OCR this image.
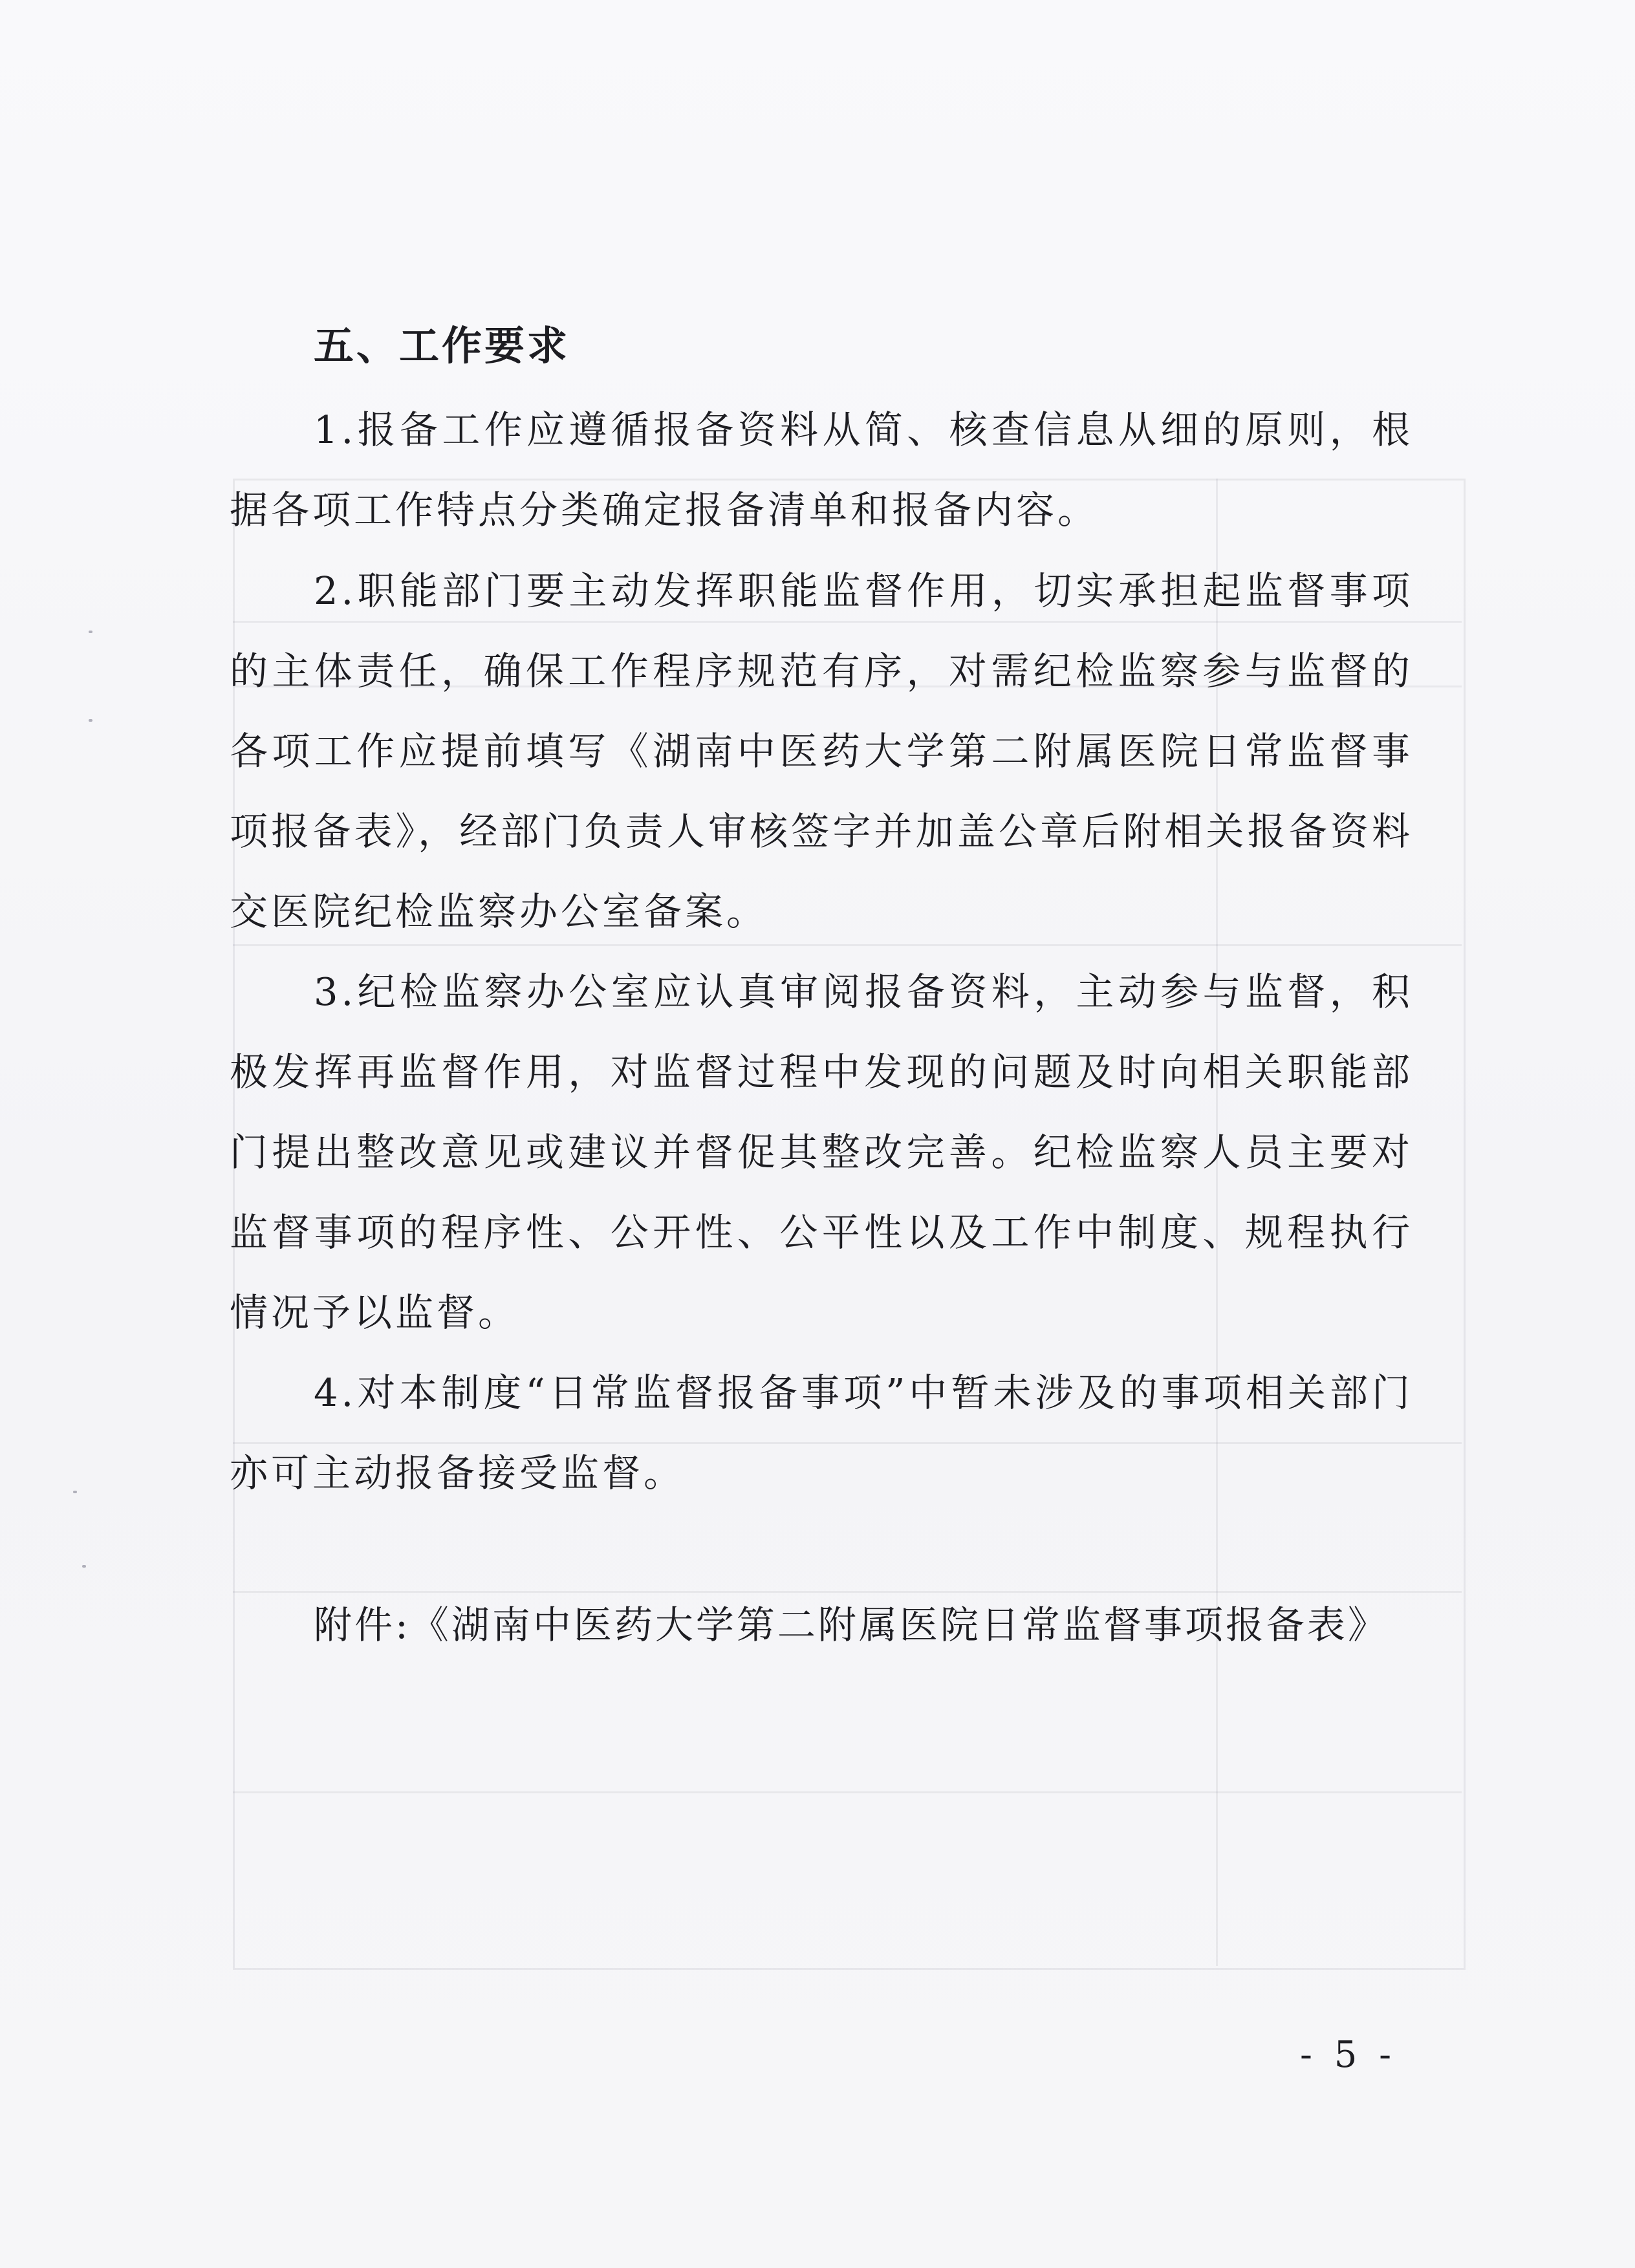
五、工作要求

1.报备工作应遵循报备资料从简、核查信息从细的原则，根据各项工作特点分类确定报备清单和报备内容。

2.职能部门要主动发挥职能监督作用，切实承担起监督事项的主体责任，确保工作程序规范有序，对需纪检监察参与监督的各项工作应提前填写《湖南中医药大学第二附属医院日常监督事项报备表》，经部门负责人审核签字并加盖公章后附相关报备资料交医院纪检监察办公室备案。

3.纪检监察办公室应认真审阅报备资料，主动参与监督，积极发挥再监督作用，对监督过程中发现的问题及时向相关职能部门提出整改意见或建议并督促其整改完善。纪检监察人员主要对监督事项的程序性、公开性、公平性以及工作中制度、规程执行情况予以监督。

4.对本制度“日常监督报备事项”中暂未涉及的事项相关部门亦可主动报备接受监督。

附件:《湖南中医药大学第二附属医院日常监督事项报备表》
- 5 -
